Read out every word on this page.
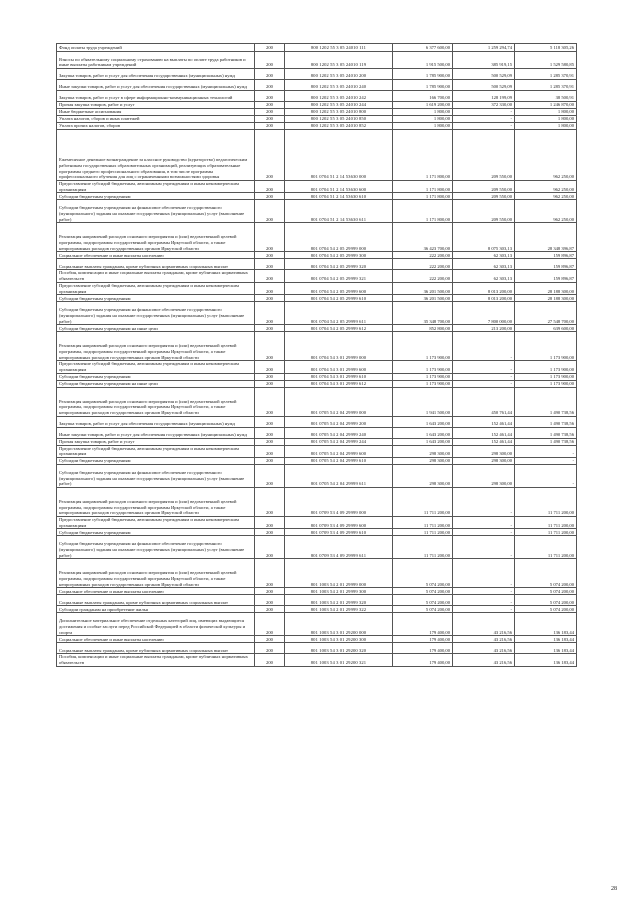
Фонд оплаты труда учреждений	200	800 1202 55 3 05 24010 111	6 377 600,00	1 259 294,74	5 118 305,26
Взносы по обязательному социальному страхованию на выплаты по оплате труда работников и иные выплаты работникам учреждений	200	800 1202 55 3 05 24010 119	1 915 500,00	385 919,15	1 529 580,85
Закупка товаров, работ и услуг для обеспечения государственных (муниципальных) нужд	200	800 1202 55 3 05 24010 200	1 785 900,00	500 529,09	1 285 370,91
Иные закупки товаров, работ и услуг для обеспечения государственных (муниципальных) нужд	200	800 1202 55 3 05 24010 240	1 785 900,00	500 529,09	1 285 370,91
Закупка товаров, работ и услуг в сфере информационно-коммуникационных технологий	200	800 1202 55 3 05 24010 242	166 700,00	128 199,09	38 500,91
Прочая закупка товаров, работ и услуг	200	800 1202 55 3 05 24010 244	1 619 200,00	372 330,00	1 246 870,00
Иные бюджетные ассигнования	200	800 1202 55 3 05 24010 800	1 800,00	-	1 800,00
Уплата налогов, сборов и иных платежей	200	800 1202 55 3 05 24010 850	1 800,00	-	1 800,00
Уплата прочих налогов, сборов	200	800 1202 55 3 05 24010 852	1 800,00	-	1 800,00
Ежемесячное денежное вознаграждение за классное руководство (кураторство) педагогическим работникам государственных образовательных организаций, реализующих образовательные программы среднего профессионального образования, в том числе программы профессионального обучения для лиц с ограниченными возможностями здоровья	200	801 0704 51 2 14 53630 000	1 171 800,00	209 550,00	962 250,00
Предоставление субсидий бюджетным, автономным учреждениям и иным некоммерческим организациям	200	801 0704 51 2 14 53630 600	1 171 800,00	209 550,00	962 250,00
Субсидии бюджетным учреждениям	200	801 0704 51 2 14 53630 610	1 171 800,00	209 550,00	962 250,00
Субсидии бюджетным учреждениям на финансовое обеспечение государственного (муниципального) задания на оказание государственных (муниципальных) услуг (выполнение работ)	200	801 0704 51 2 14 53630 611	1 171 800,00	209 550,00	962 250,00
Реализация направлений расходов основного мероприятия и (или) ведомственной целевой программы, подпрограммы государственной программы Иркутской области, а также непрограммных расходов государственных органов Иркутской области	200	801 0704 54 2 05 29999 000	36 423 700,00	8 075 303,13	28 348 396,87
Социальное обеспечение и иные выплаты населению	200	801 0704 54 2 05 29999 300	222 200,00	62 303,13	159 896,87
Социальные выплаты гражданам, кроме публичных нормативных социальных выплат	200	801 0704 54 2 05 29999 320	222 200,00	62 303,13	159 896,87
Пособия, компенсации и иные социальные выплаты гражданам, кроме публичных нормативных обязательств	200	801 0704 54 2 05 29999 321	222 200,00	62 303,13	159 896,87
Предоставление субсидий бюджетным, автономным учреждениям и иным некоммерческим организациям	200	801 0704 54 2 05 29999 600	36 201 500,00	8 013 200,00	28 188 300,00
Субсидии бюджетным учреждениям	200	801 0704 54 2 05 29999 610	36 201 500,00	8 013 200,00	28 188 300,00
Субсидии бюджетным учреждениям на финансовое обеспечение государственного (муниципального) задания на оказание государственных (муниципальных) услуг (выполнение работ)	200	801 0704 54 2 05 29999 611	35 348 700,00	7 800 000,00	27 548 700,00
Субсидии бюджетным учреждениям на иные цели	200	801 0704 54 2 05 29999 612	852 800,00	213 200,00	639 600,00
Реализация направлений расходов основного мероприятия и (или) ведомственной целевой программы, подпрограммы государственной программы Иркутской области, а также непрограммных расходов государственных органов Иркутской области	200	801 0704 54 3 01 29999 000	1 173 900,00	-	1 173 900,00
Предоставление субсидий бюджетным, автономным учреждениям и иным некоммерческим организациям	200	801 0704 54 3 01 29999 600	1 173 900,00	-	1 173 900,00
Субсидии бюджетным учреждениям	200	801 0704 54 3 01 29999 610	1 173 900,00	-	1 173 900,00
Субсидии бюджетным учреждениям на иные цели	200	801 0704 54 3 01 29999 612	1 173 900,00	-	1 173 900,00
Реализация направлений расходов основного мероприятия и (или) ведомственной целевой программы, подпрограммы государственной программы Иркутской области, а также непрограммных расходов государственных органов Иркутской области	200	801 0705 54 2 04 29999 000	1 941 500,00	450 761,44	1 490 738,56
Закупка товаров, работ и услуг для обеспечения государственных (муниципальных) нужд	200	801 0705 54 2 04 29999 200	1 643 200,00	152 461,44	1 490 738,56
Иные закупки товаров, работ и услуг для обеспечения государственных (муниципальных) нужд	200	801 0705 54 2 04 29999 240	1 643 200,00	152 461,44	1 490 738,56
Прочая закупка товаров, работ и услуг	200	801 0705 54 2 04 29999 244	1 643 200,00	152 461,44	1 490 738,56
Предоставление субсидий бюджетным, автономным учреждениям и иным некоммерческим организациям	200	801 0705 54 2 04 29999 600	298 300,00	298 300,00	-
Субсидии бюджетным учреждениям	200	801 0705 54 2 04 29999 610	298 300,00	298 300,00	-
Субсидии бюджетным учреждениям на финансовое обеспечение государственного (муниципального) задания на оказание государственных (муниципальных) услуг (выполнение работ)	200	801 0705 54 2 04 29999 611	298 300,00	298 300,00	-
Реализация направлений расходов основного мероприятия и (или) ведомственной целевой программы, подпрограммы государственной программы Иркутской области, а также непрограммных расходов государственных органов Иркутской области	200	801 0709 53 4 09 29999 000	11 711 200,00	-	11 711 200,00
Предоставление субсидий бюджетным, автономным учреждениям и иным некоммерческим организациям	200	801 0709 53 4 09 29999 600	11 711 200,00	-	11 711 200,00
Субсидии бюджетным учреждениям	200	801 0709 53 4 09 29999 610	11 711 200,00	-	11 711 200,00
Субсидии бюджетным учреждениям на финансовое обеспечение государственного (муниципального) задания на оказание государственных (муниципальных) услуг (выполнение работ)	200	801 0709 53 4 09 29999 611	11 711 200,00	-	11 711 200,00
Реализация направлений расходов основного мероприятия и (или) ведомственной целевой программы, подпрограммы государственной программы Иркутской области, а также непрограммных расходов государственных органов Иркутской области	200	801 1003 54 2 01 29999 000	5 074 200,00	-	5 074 200,00
Социальное обеспечение и иные выплаты населению	200	801 1003 54 2 01 29999 300	5 074 200,00	-	5 074 200,00
Социальные выплаты гражданам, кроме публичных нормативных социальных выплат	200	801 1003 54 2 01 29999 320	5 074 200,00	-	5 074 200,00
Субсидии гражданам на приобретение жилья	200	801 1003 54 2 01 29999 322	5 074 200,00	-	5 074 200,00
Дополнительное материальное обеспечение отдельных категорий лиц, имеющих выдающиеся достижения и особые заслуги перед Российской Федерацией в области физической культуры и спорта	200	801 1003 54 3 01 29200 000	179 400,00	43 216,56	136 183,44
Социальное обеспечение и иные выплаты населению	200	801 1003 54 3 01 29200 300	179 400,00	43 216,56	136 183,44
Социальные выплаты гражданам, кроме публичных нормативных социальных выплат	200	801 1003 54 3 01 29200 320	179 400,00	43 216,56	136 183,44
Пособия, компенсации и иные социальные выплаты гражданам, кроме публичных нормативных обязательств	200	801 1003 54 3 01 29200 321	179 400,00	43 216,56	136 183,44
28
